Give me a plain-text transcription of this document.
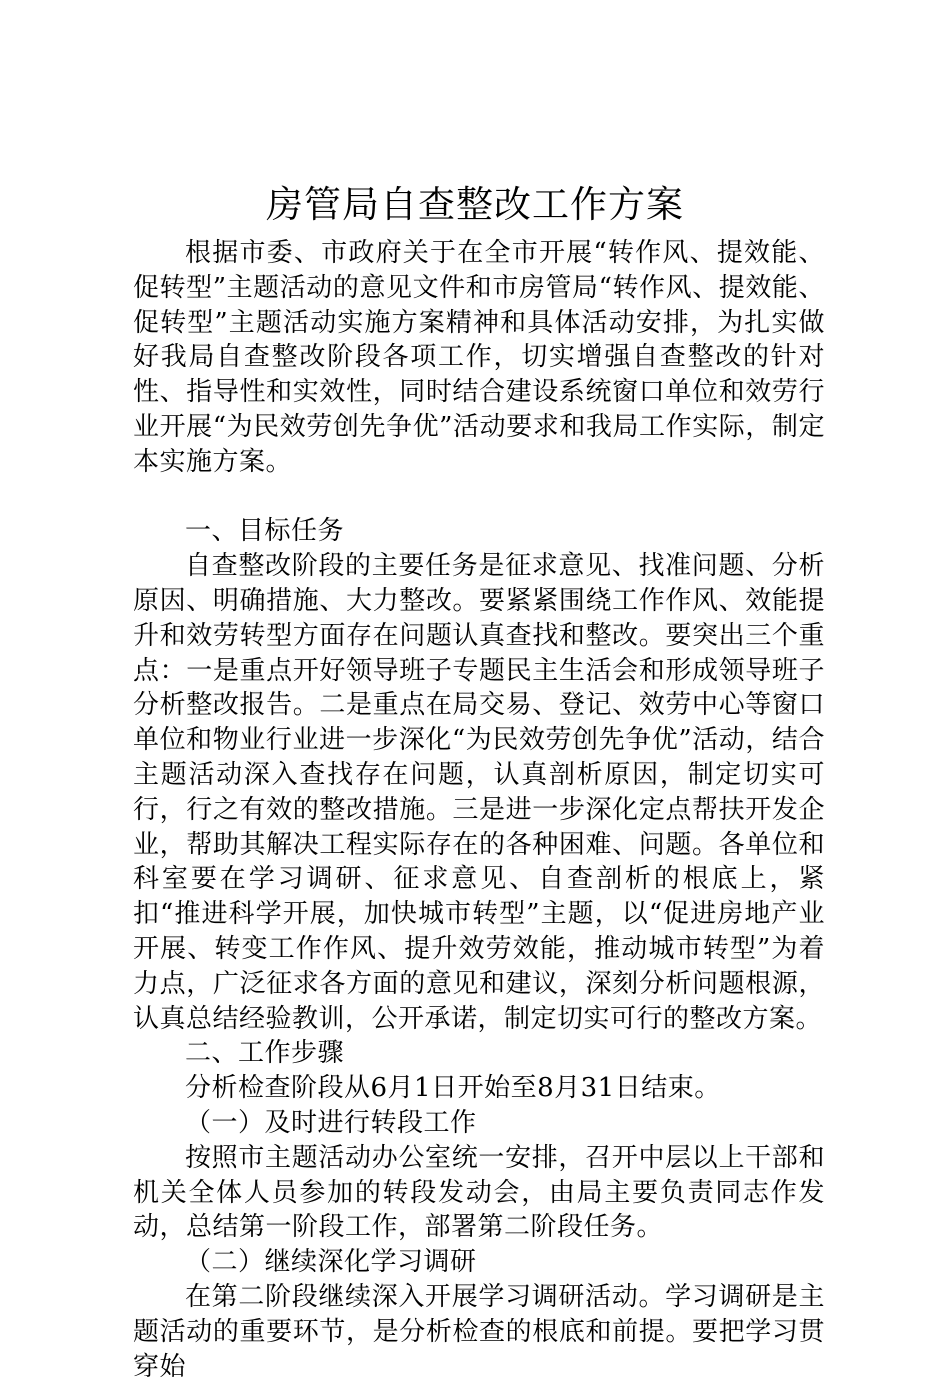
房管局自查整改工作方案

根据市委、市政府关于在全市开展“转作风、提效能、促转型”主题活动的意见文件和市房管局“转作风、提效能、促转型”主题活动实施方案精神和具体活动安排，为扎实做好我局自查整改阶段各项工作，切实增强自查整改的针对性、指导性和实效性，同时结合建设系统窗口单位和效劳行业开展“为民效劳创先争优”活动要求和我局工作实际，制定本实施方案。

一、目标任务

自查整改阶段的主要任务是征求意见、找准问题、分析原因、明确措施、大力整改。要紧紧围绕工作作风、效能提升和效劳转型方面存在问题认真查找和整改。要突出三个重点：一是重点开好领导班子专题民主生活会和形成领导班子分析整改报告。二是重点在局交易、登记、效劳中心等窗口单位和物业行业进一步深化“为民效劳创先争优”活动，结合主题活动深入查找存在问题，认真剖析原因，制定切实可行，行之有效的整改措施。三是进一步深化定点帮扶开发企业，帮助其解决工程实际存在的各种困难、问题。各单位和科室要在学习调研、征求意见、自查剖析的根底上，紧扣“推进科学开展，加快城市转型”主题，以“促进房地产业开展、转变工作作风、提升效劳效能，推动城市转型”为着力点，广泛征求各方面的意见和建议，深刻分析问题根源，认真总结经验教训，公开承诺，制定切实可行的整改方案。

二、工作步骤

分析检查阶段从6月1日开始至8月31日结束。

（一）及时进行转段工作

按照市主题活动办公室统一安排，召开中层以上干部和机关全体人员参加的转段发动会，由局主要负责同志作发动，总结第一阶段工作，部署第二阶段任务。

（二）继续深化学习调研

在第二阶段继续深入开展学习调研活动。学习调研是主题活动的重要环节，是分析检查的根底和前提。要把学习贯穿始
